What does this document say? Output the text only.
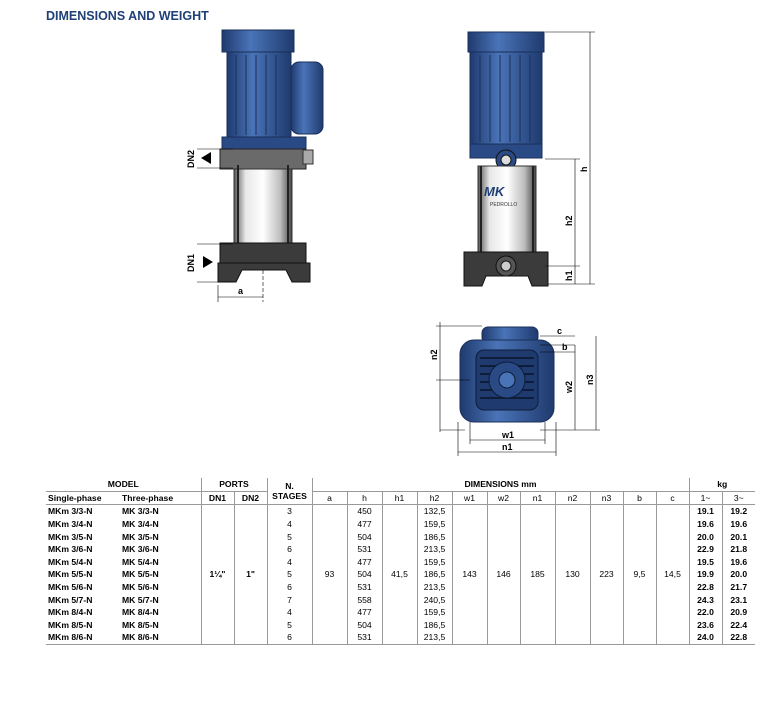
DIMENSIONS AND WEIGHT
a
DN2
DN1
MK
PEDROLLO
h
h2
h1
n2
c
b
w2
n3
w1
n1
MODEL		PORTS		N. STAGES	DIMENSIONS mm											kg	
Single-phase	Three-phase	DN1	DN2		a	h	h1	h2	w1	w2	n1	n2	n3	b	c	1~	3~
MKm 3/3-N	MK 3/3-N			3		450		132,5								19.1	19.2
MKm 3/4-N	MK 3/4-N			4		477		159,5								19.6	19.6
MKm 3/5-N	MK 3/5-N			5		504		186,5								20.0	20.1
MKm 3/6-N	MK 3/6-N			6		531		213,5								22.9	21.8
MKm 5/4-N	MK 5/4-N			4		477		159,5								19.5	19.6
MKm 5/5-N	MK 5/5-N	1¼"	1"	5	93	504	41,5	186,5	143	146	185	130	223	9,5	14,5	19.9	20.0
MKm 5/6-N	MK 5/6-N			6		531		213,5								22.8	21.7
MKm 5/7-N	MK 5/7-N			7		558		240,5								24.3	23.1
MKm 8/4-N	MK 8/4-N			4		477		159,5								22.0	20.9
MKm 8/5-N	MK 8/5-N			5		504		186,5								23.6	22.4
MKm 8/6-N	MK 8/6-N			6		531		213,5								24.0	22.8
